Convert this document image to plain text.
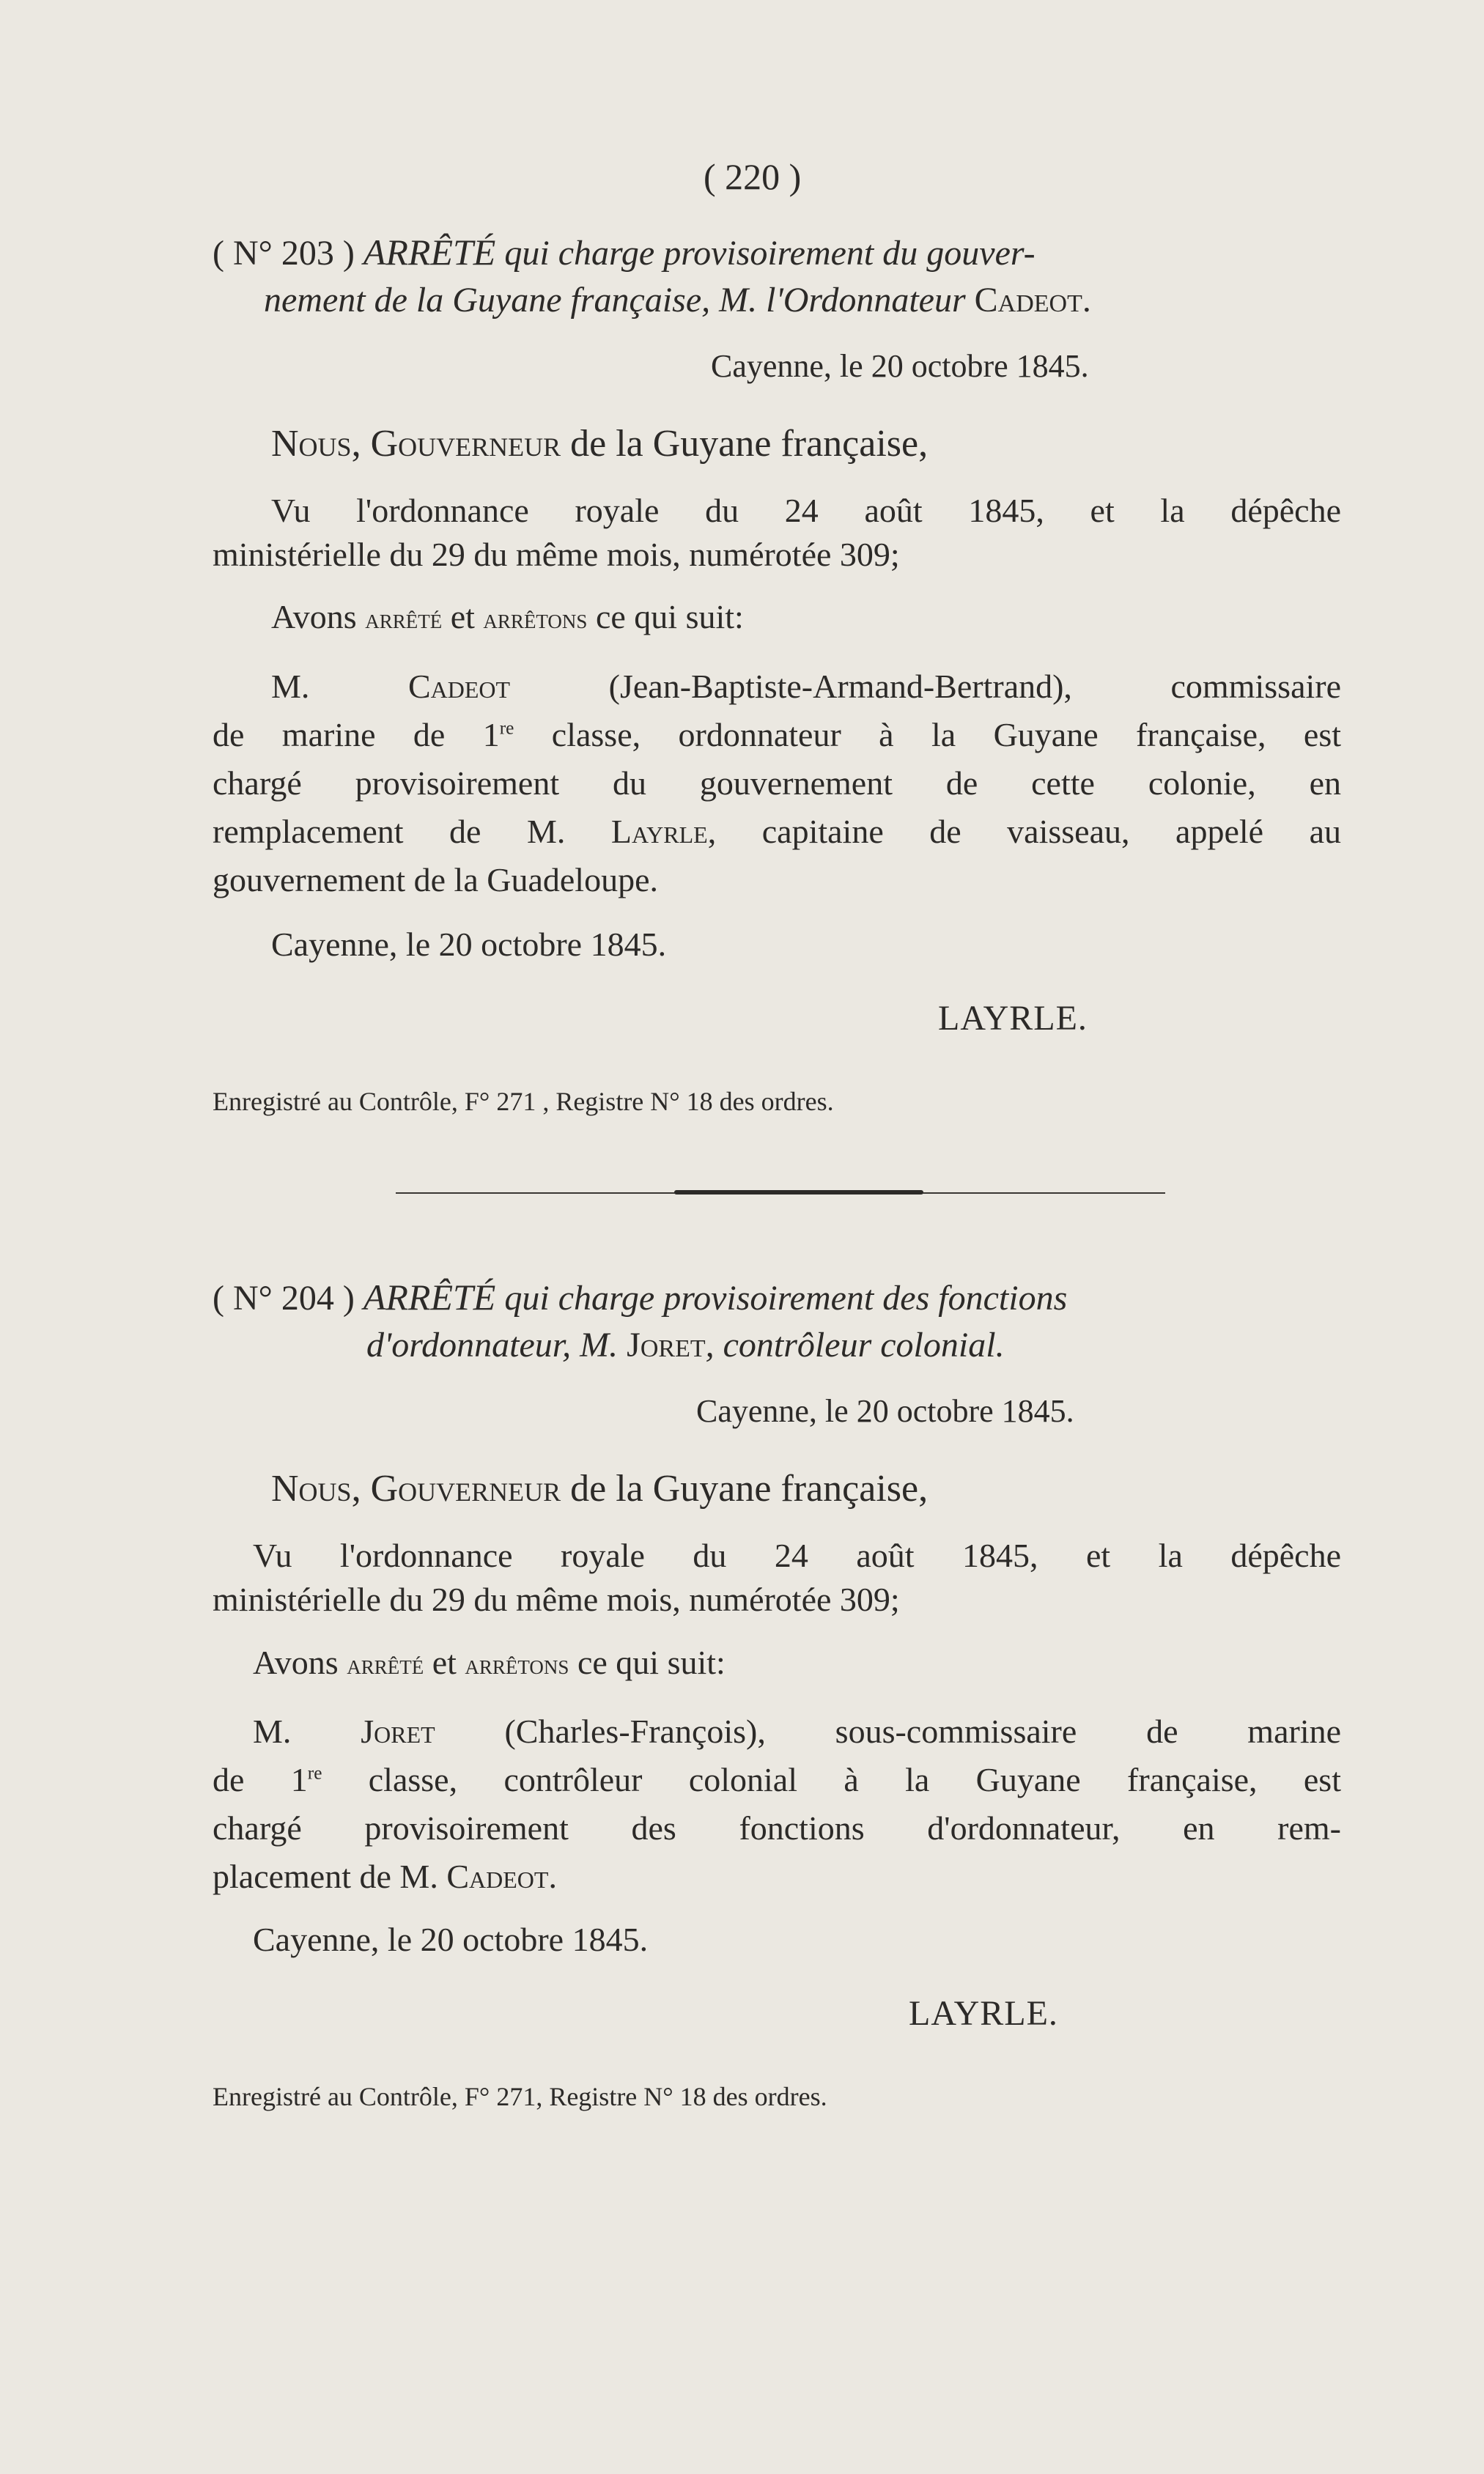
( 220 )
( N° 203 ) ARRÊTÉ qui charge provisoirement du gouver-
nement de la Guyane française, M. l'Ordonnateur Cadeot.
Cayenne, le 20 octobre 1845.
Nous, Gouverneur de la Guyane française,
Vu l'ordonnance royale du 24 août 1845, et la dépêche
ministérielle du 29 du même mois, numérotée 309;
Avons arrêté et arrêtons ce qui suit:
M.	Cadeot	(Jean-Baptiste-Armand-Bertrand), commissaire
de marine de 1re classe, ordonnateur à la Guyane française, est
chargé provisoirement du gouvernement de cette colonie, en
remplacement de M. Layrle, capitaine de vaisseau, appelé au
gouvernement de la Guadeloupe.
Cayenne, le 20 octobre 1845.
LAYRLE.
Enregistré au Contrôle, F° 271 , Registre N° 18 des ordres.
( N° 204 ) ARRÊTÉ qui charge provisoirement des fonctions
d'ordonnateur, M. Joret, contrôleur colonial.
Cayenne, le 20 octobre 1845.
Nous, Gouverneur de la Guyane française,
Vu l'ordonnance royale du 24 août 1845, et la dépêche
ministérielle du 29 du même mois, numérotée 309;
Avons arrêté et arrêtons ce qui suit:
M. Joret (Charles-François), sous-commissaire de marine
de 1re classe, contrôleur colonial à la Guyane française, est
chargé provisoirement des fonctions d'ordonnateur, en rem-
placement de M. Cadeot.
Cayenne, le 20 octobre 1845.
LAYRLE.
Enregistré au Contrôle, F° 271, Registre N° 18 des ordres.
